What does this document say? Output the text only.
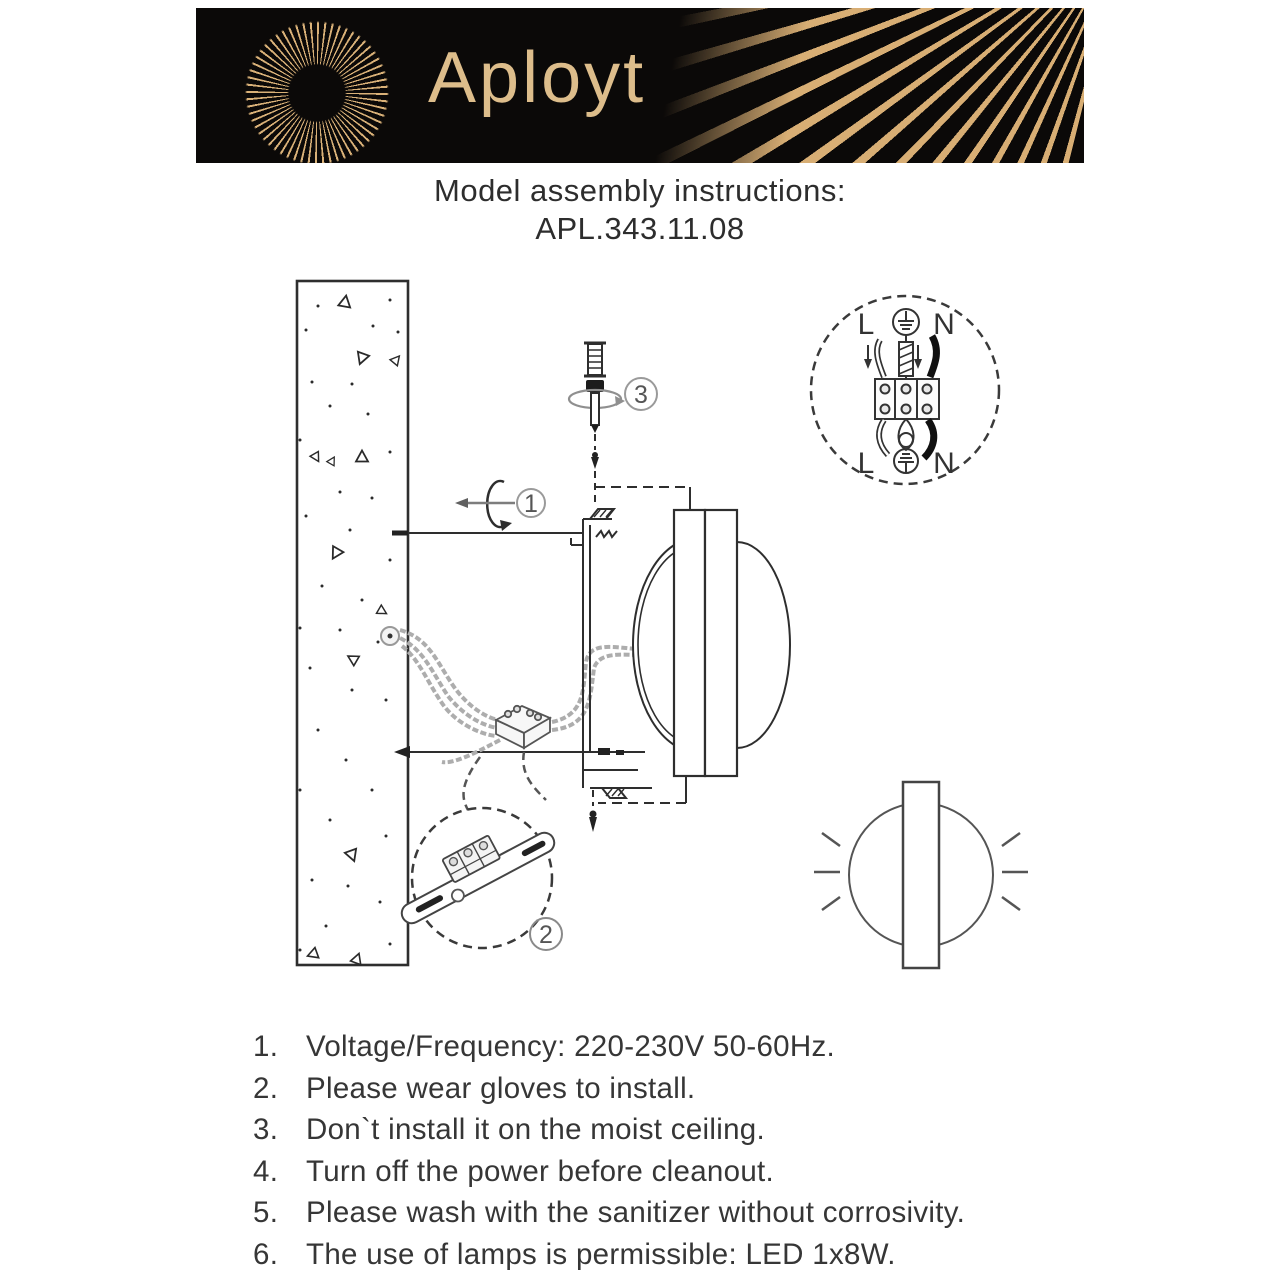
Aployt
Model assembly instructions:
APL.343.11.08
3
1
2
L N
L N
1. Voltage/Frequency: 220-230V 50-60Hz.
2. Please wear gloves to install.
3. Don`t install it on the moist ceiling.
4. Turn off the power before cleanout.
5. Please wash with the sanitizer without corrosivity.
6. The use of lamps is permissible: LED 1x8W.
